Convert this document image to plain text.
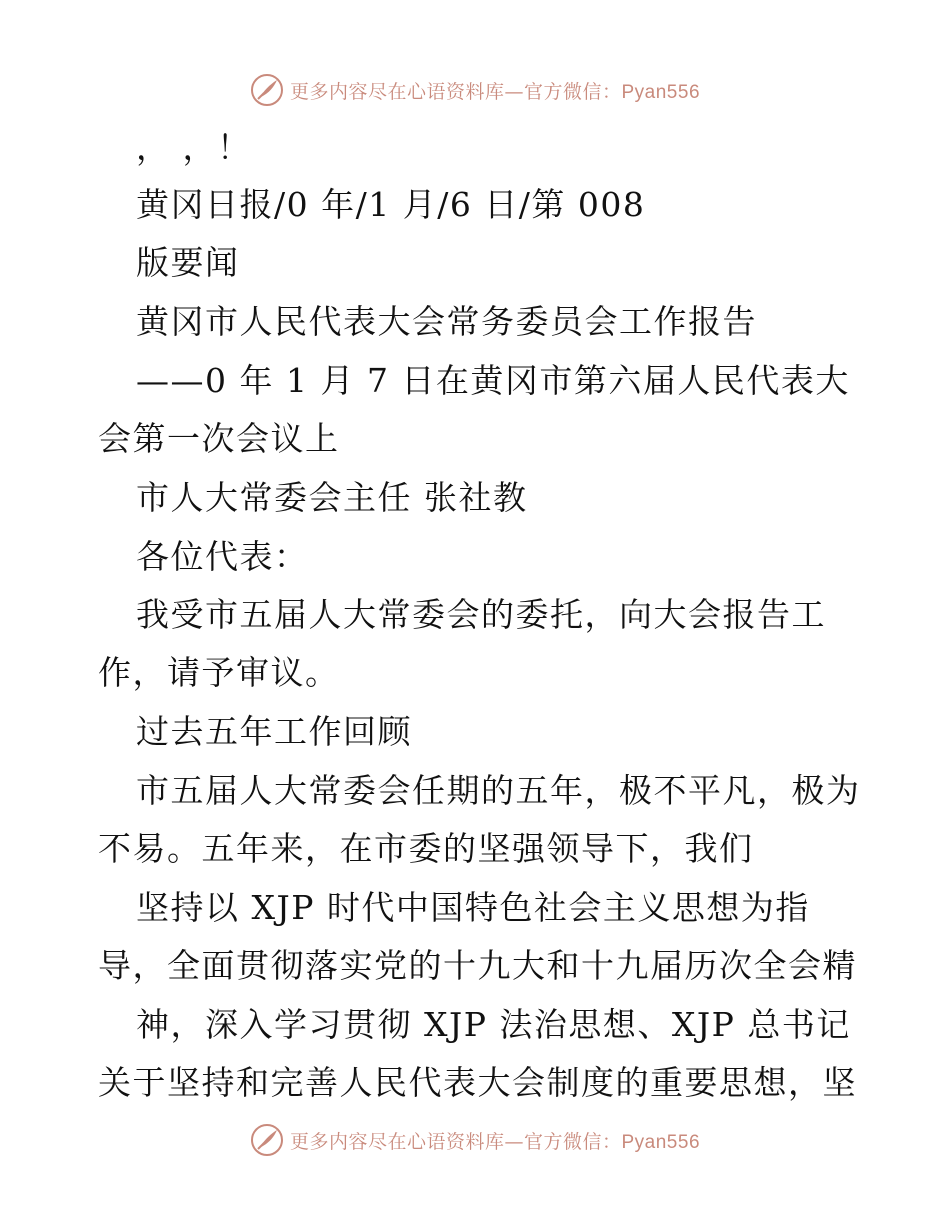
更多内容尽在心语资料库—官方微信：Pyan556
， ，！
黄冈日报/0 年/1 月/6 日/第 008
版要闻
黄冈市人民代表大会常务委员会工作报告
——0 年 1 月 7 日在黄冈市第六届人民代表大
会第一次会议上
市人大常委会主任 张社教
各位代表：
我受市五届人大常委会的委托，向大会报告工
作，请予审议。
过去五年工作回顾
市五届人大常委会任期的五年，极不平凡，极为
不易。五年来，在市委的坚强领导下，我们
坚持以 XJP 时代中国特色社会主义思想为指
导，全面贯彻落实党的十九大和十九届历次全会精
神，深入学习贯彻 XJP 法治思想、XJP 总书记
关于坚持和完善人民代表大会制度的重要思想，坚
更多内容尽在心语资料库—官方微信：Pyan556
